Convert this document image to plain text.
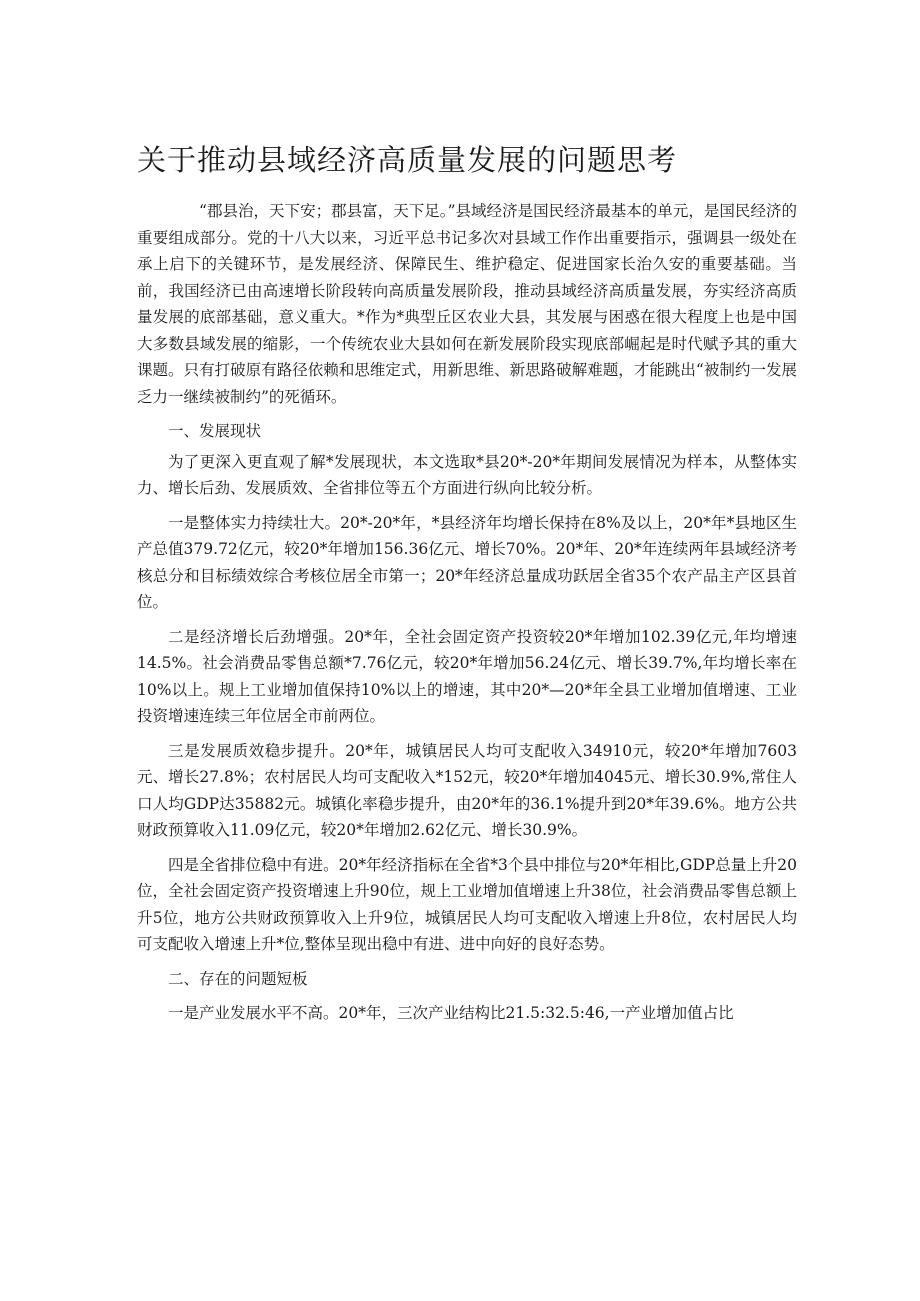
关于推动县域经济高质量发展的问题思考

“郡县治，天下安；郡县富，天下足。”县域经济是国民经济最基本的单元，是国民经济的重要组成部分。党的十八大以来，习近平总书记多次对县域工作作出重要指示，强调县一级处在承上启下的关键环节，是发展经济、保障民生、维护稳定、促进国家长治久安的重要基础。当前，我国经济已由高速增长阶段转向高质量发展阶段，推动县域经济高质量发展，夯实经济高质量发展的底部基础，意义重大。*作为*典型丘区农业大县，其发展与困惑在很大程度上也是中国大多数县域发展的缩影，一个传统农业大县如何在新发展阶段实现底部崛起是时代赋予其的重大课题。只有打破原有路径依赖和思维定式，用新思维、新思路破解难题，才能跳出“被制约一发展乏力一继续被制约”的死循环。

一、发展现状

为了更深入更直观了解*发展现状，本文选取*县20*-20*年期间发展情况为样本，从整体实力、增长后劲、发展质效、全省排位等五个方面进行纵向比较分析。

一是整体实力持续壮大。20*-20*年，*县经济年均增长保持在8%及以上，20*年*县地区生产总值379.72亿元，较20*年增加156.36亿元、增长70%。20*年、20*年连续两年县域经济考核总分和目标绩效综合考核位居全市第一；20*年经济总量成功跃居全省35个农产品主产区县首位。

二是经济增长后劲增强。20*年，全社会固定资产投资较20*年增加102.39亿元,年均增速14.5%。社会消费品零售总额*7.76亿元，较20*年增加56.24亿元、增长39.7%,年均增长率在10%以上。规上工业增加值保持10%以上的增速，其中20*—20*年全县工业增加值增速、工业投资增速连续三年位居全市前两位。

三是发展质效稳步提升。20*年，城镇居民人均可支配收入34910元，较20*年增加7603元、增长27.8%；农村居民人均可支配收入*152元，较20*年增加4045元、增长30.9%,常住人口人均GDP达35882元。城镇化率稳步提升，由20*年的36.1%提升到20*年39.6%。地方公共财政预算收入11.09亿元，较20*年增加2.62亿元、增长30.9%。

四是全省排位稳中有进。20*年经济指标在全省*3个县中排位与20*年相比,GDP总量上升20位，全社会固定资产投资增速上升90位，规上工业增加值增速上升38位，社会消费品零售总额上升5位，地方公共财政预算收入上升9位，城镇居民人均可支配收入增速上升8位，农村居民人均可支配收入增速上升*位,整体呈现出稳中有进、进中向好的良好态势。

二、存在的问题短板

一是产业发展水平不高。20*年，三次产业结构比21.5:32.5:46,一产业增加值占比
